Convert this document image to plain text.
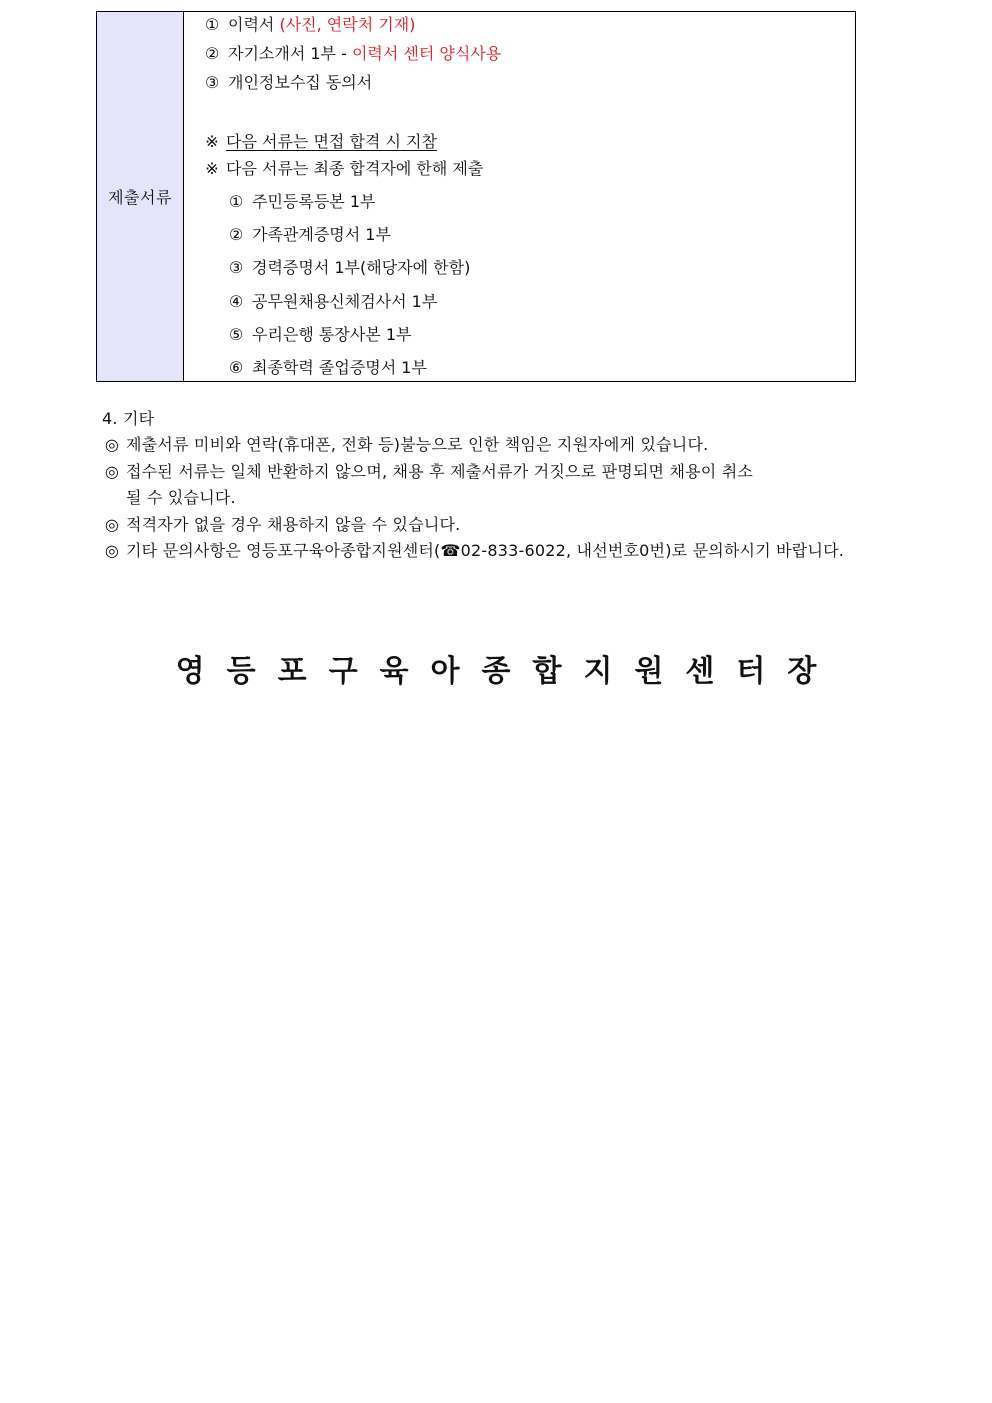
제출서류
① 이력서 (사진, 연락처 기재)
② 자기소개서 1부 - 이력서 센터 양식사용
③ 개인정보수집 동의서
※ 다음 서류는 면접 합격 시 지참
※ 다음 서류는 최종 합격자에 한해 제출
① 주민등록등본 1부
② 가족관계증명서 1부
③ 경력증명서 1부(해당자에 한함)
④ 공무원채용신체검사서 1부
⑤ 우리은행 통장사본 1부
⑥ 최종학력 졸업증명서 1부
4. 기타
◎ 제출서류 미비와 연락(휴대폰, 전화 등)불능으로 인한 책임은 지원자에게 있습니다.
◎ 접수된 서류는 일체 반환하지 않으며, 채용 후 제출서류가 거짓으로 판명되면 채용이 취소
될 수 있습니다.
◎ 적격자가 없을 경우 채용하지 않을 수 있습니다.
◎ 기타 문의사항은 영등포구육아종합지원센터(☎02-833-6022, 내선번호0번)로 문의하시기 바랍니다.
영등포구육아종합지원센터장
